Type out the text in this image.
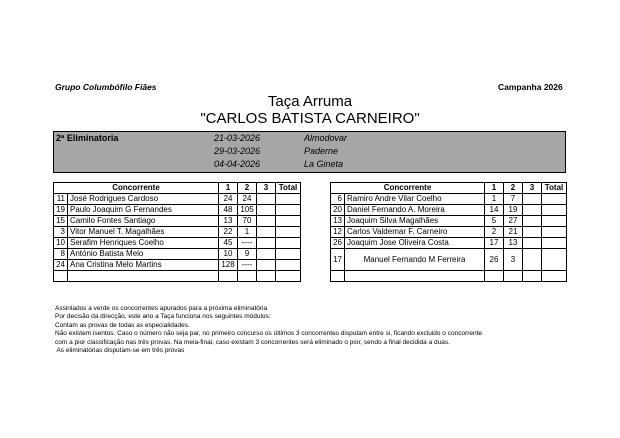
Grupo Columbófilo Fiães	Campanha 2026
Taça Arruma
"CARLOS BATISTA CARNEIRO"
2ª Eliminatoria	21-03-2026	Almodovar
29-03-2026	Paderne
04-04-2026	La Gineta
Concorrente		1	2	3	Total
11	José Rodrigues Cardoso	24	24		
19	Paulo Joaquim G Fernandes	48	105		
15	Camilo Fontes Santiago	13	70		
3	Vitor Manuel T. Magalhães	22	1		
10	Serafim Henriques Coelho	45	----		
8	António Batista Melo	10	9		
24	Ana Cristina Melo Martins	128	----		

Concorrente		1	2	3	Total
6	Ramiro Andre Vilar Coelho	1	7		
20	Daniel Fernando A. Moreira	14	19		
13	Joaquim Silva Magalhães	5	27		
12	Carlos Valdemar F. Carneiro	2	21		
26	Joaquim Jose Oliveira Costa	17	13		
17	Manuel Fernando M Ferreira	26	3		

Assinlados a verde os concorrentes apurados para a próxima eliminatória
Por decisão da direcção, este ano a Taça funciona nos seguintes módulos:
Contam as provas de todas as especialidades.
Não existem isentos. Caso o número não seja par, no primeiro concurso os últimos 3 concorrentes disputam entre si, ficando excluido o concorrente
com a pior classificação nas três provas. Na meia-final, caso existam 3 concorrentes será eliminado o pior, sendo a final decidida a duas.
As eliminatórias disputam-se em três provas
